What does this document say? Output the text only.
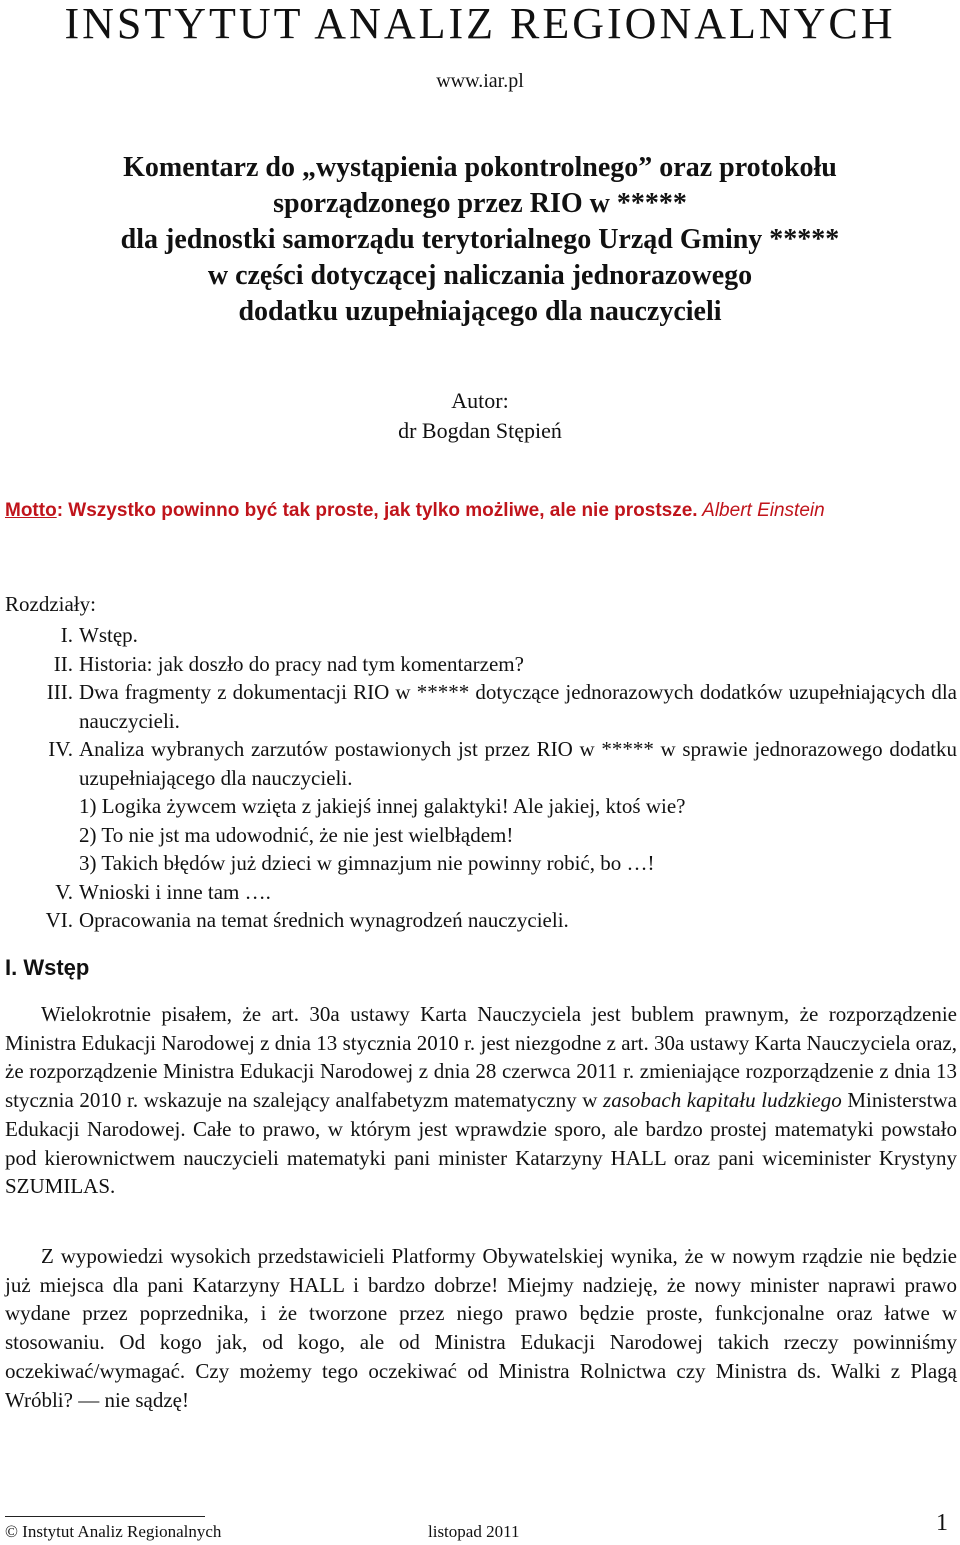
INSTYTUT ANALIZ REGIONALNYCH
www.iar.pl
Komentarz do „wystąpienia pokontrolnego” oraz protokołu
sporządzonego przez RIO w *****
dla jednostki samorządu terytorialnego Urząd Gminy *****
w części dotyczącej naliczania jednorazowego
dodatku uzupełniającego dla nauczycieli
Autor:
dr Bogdan Stępień
Motto: Wszystko powinno być tak proste, jak tylko możliwe, ale nie prostsze. Albert Einstein
Rozdziały:
I. Wstęp.
II. Historia: jak doszło do pracy nad tym komentarzem?
III. Dwa fragmenty z dokumentacji RIO w ***** dotyczące jednorazowych dodatków uzupełniających dla nauczycieli.
IV. Analiza wybranych zarzutów postawionych jst przez RIO w ***** w sprawie jednorazowego dodatku uzupełniającego dla nauczycieli.
1) Logika żywcem wzięta z jakiejś innej galaktyki! Ale jakiej, ktoś wie?
2) To nie jst ma udowodnić, że nie jest wielbłądem!
3) Takich błędów już dzieci w gimnazjum nie powinny robić, bo …!
V. Wnioski i inne tam ….
VI. Opracowania na temat średnich wynagrodzeń nauczycieli.
I. Wstęp

Wielokrotnie pisałem, że art. 30a ustawy Karta Nauczyciela jest bublem prawnym, że rozporządzenie Ministra Edukacji Narodowej z dnia 13 stycznia 2010 r. jest niezgodne z art. 30a ustawy Karta Nauczyciela oraz, że rozporządzenie Ministra Edukacji Narodowej z dnia 28 czerwca 2011 r. zmieniające rozporządzenie z dnia 13 stycznia 2010 r. wskazuje na szalejący analfabetyzm matematyczny w zasobach kapitału ludzkiego Ministerstwa Edukacji Narodowej. Całe to prawo, w którym jest wprawdzie sporo, ale bardzo prostej matematyki powstało pod kierownictwem nauczycieli matematyki pani minister Katarzyny HALL oraz pani wiceminister Krystyny SZUMILAS.

Z wypowiedzi wysokich przedstawicieli Platformy Obywatelskiej wynika, że w nowym rządzie nie będzie już miejsca dla pani Katarzyny HALL i bardzo dobrze! Miejmy nadzieję, że nowy minister naprawi prawo wydane przez poprzednika, i że tworzone przez niego prawo będzie proste, funkcjonalne oraz łatwe w stosowaniu. Od kogo jak, od kogo, ale od Ministra Edukacji Narodowej takich rzeczy powinniśmy oczekiwać/wymagać. Czy możemy tego oczekiwać od Ministra Rolnictwa czy Ministra ds. Walki z Plagą Wróbli? — nie sądzę!

© Instytut Analiz Regionalnych	listopad 2011	1
